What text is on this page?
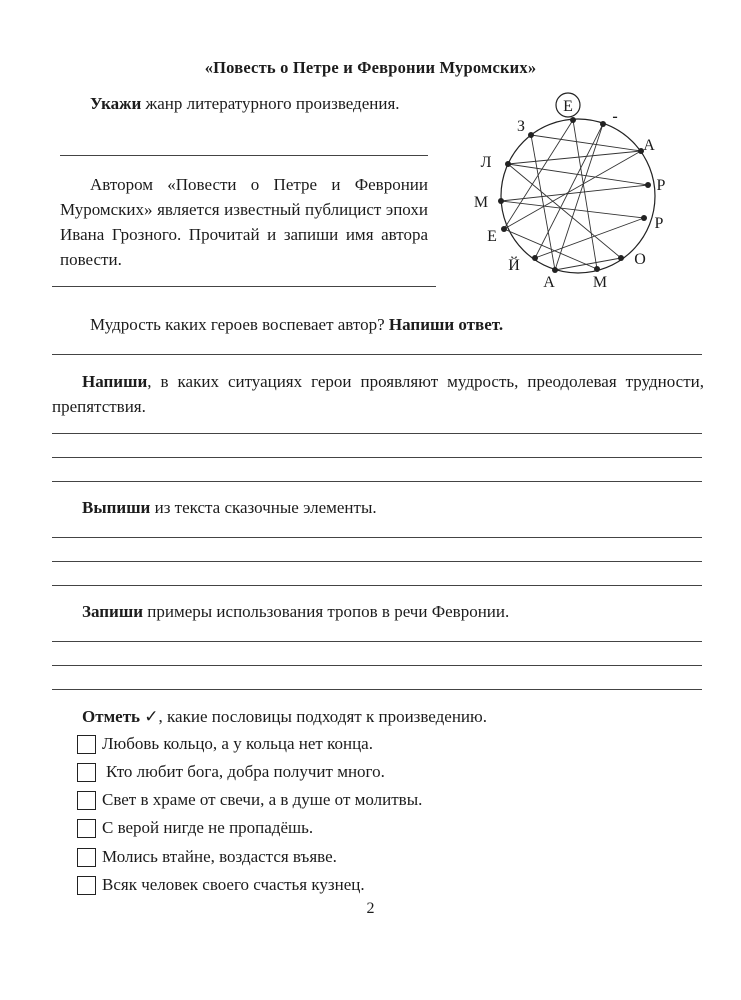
«Повесть о Петре и Февронии Муромских»
Укажи жанр литературного произведения.
Автором «Повести о Петре и Февронии Муромских» является известный публицист эпохи Ивана Грозного. Прочитай и запиши имя автора повести.
Е
-
З
А
Л
Р
М
Р
Е
О
Й
А М
Мудрость каких героев воспевает автор? Напиши ответ.
Напиши, в каких ситуациях герои проявляют мудрость, преодолевая трудности, препятствия.
Выпиши из текста сказочные элементы.
Запиши примеры использования тропов в речи Февронии.
Отметь ✓, какие пословицы подходят к произведению.
Любовь кольцо, а у кольца нет конца.
Кто любит бога, добра получит много.
Свет в храме от свечи, а в душе от молитвы.
С верой нигде не пропадёшь.
Молись втайне, воздастся въяве.
Всяк человек своего счастья кузнец.
2
